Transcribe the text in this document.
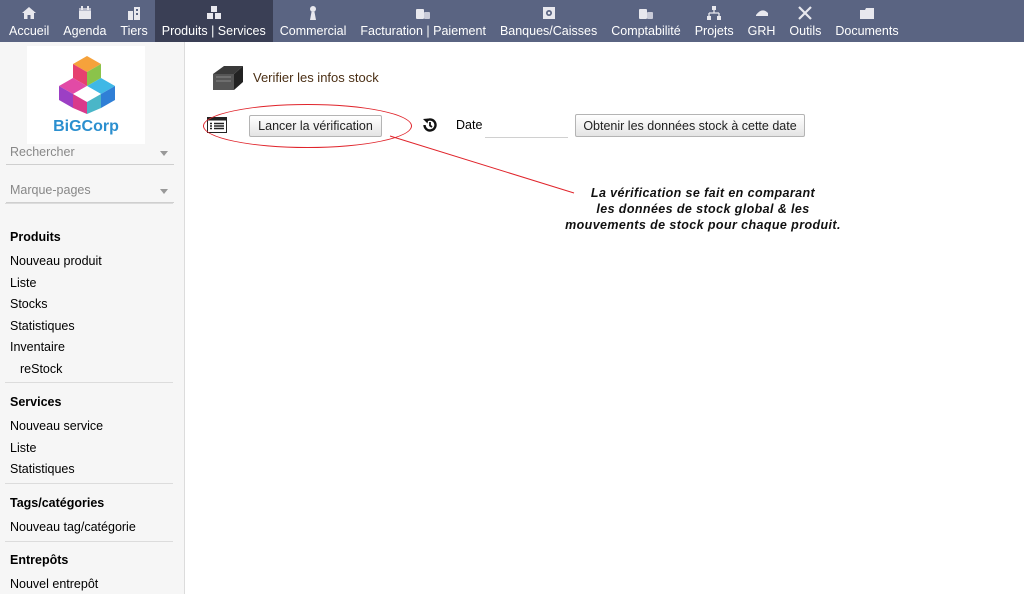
Accueil Agenda Tiers Produits | Services Commercial Facturation | Paiement Banques/Caisses Comptabilité Projets GRH Outils Documents
BiGCorp
Rechercher
Marque-pages
Produits
Nouveau produit
Liste
Stocks
Statistiques
Inventaire
reStock
Services
Nouveau service
Liste
Statistiques
Tags/catégories
Nouveau tag/catégorie
Entrepôts
Nouvel entrepôt
Verifier les infos stock
Lancer la vérification	Date	Obtenir les données stock à cette date
La vérification se fait en comparant
les données de stock global & les
mouvements de stock pour chaque produit.
